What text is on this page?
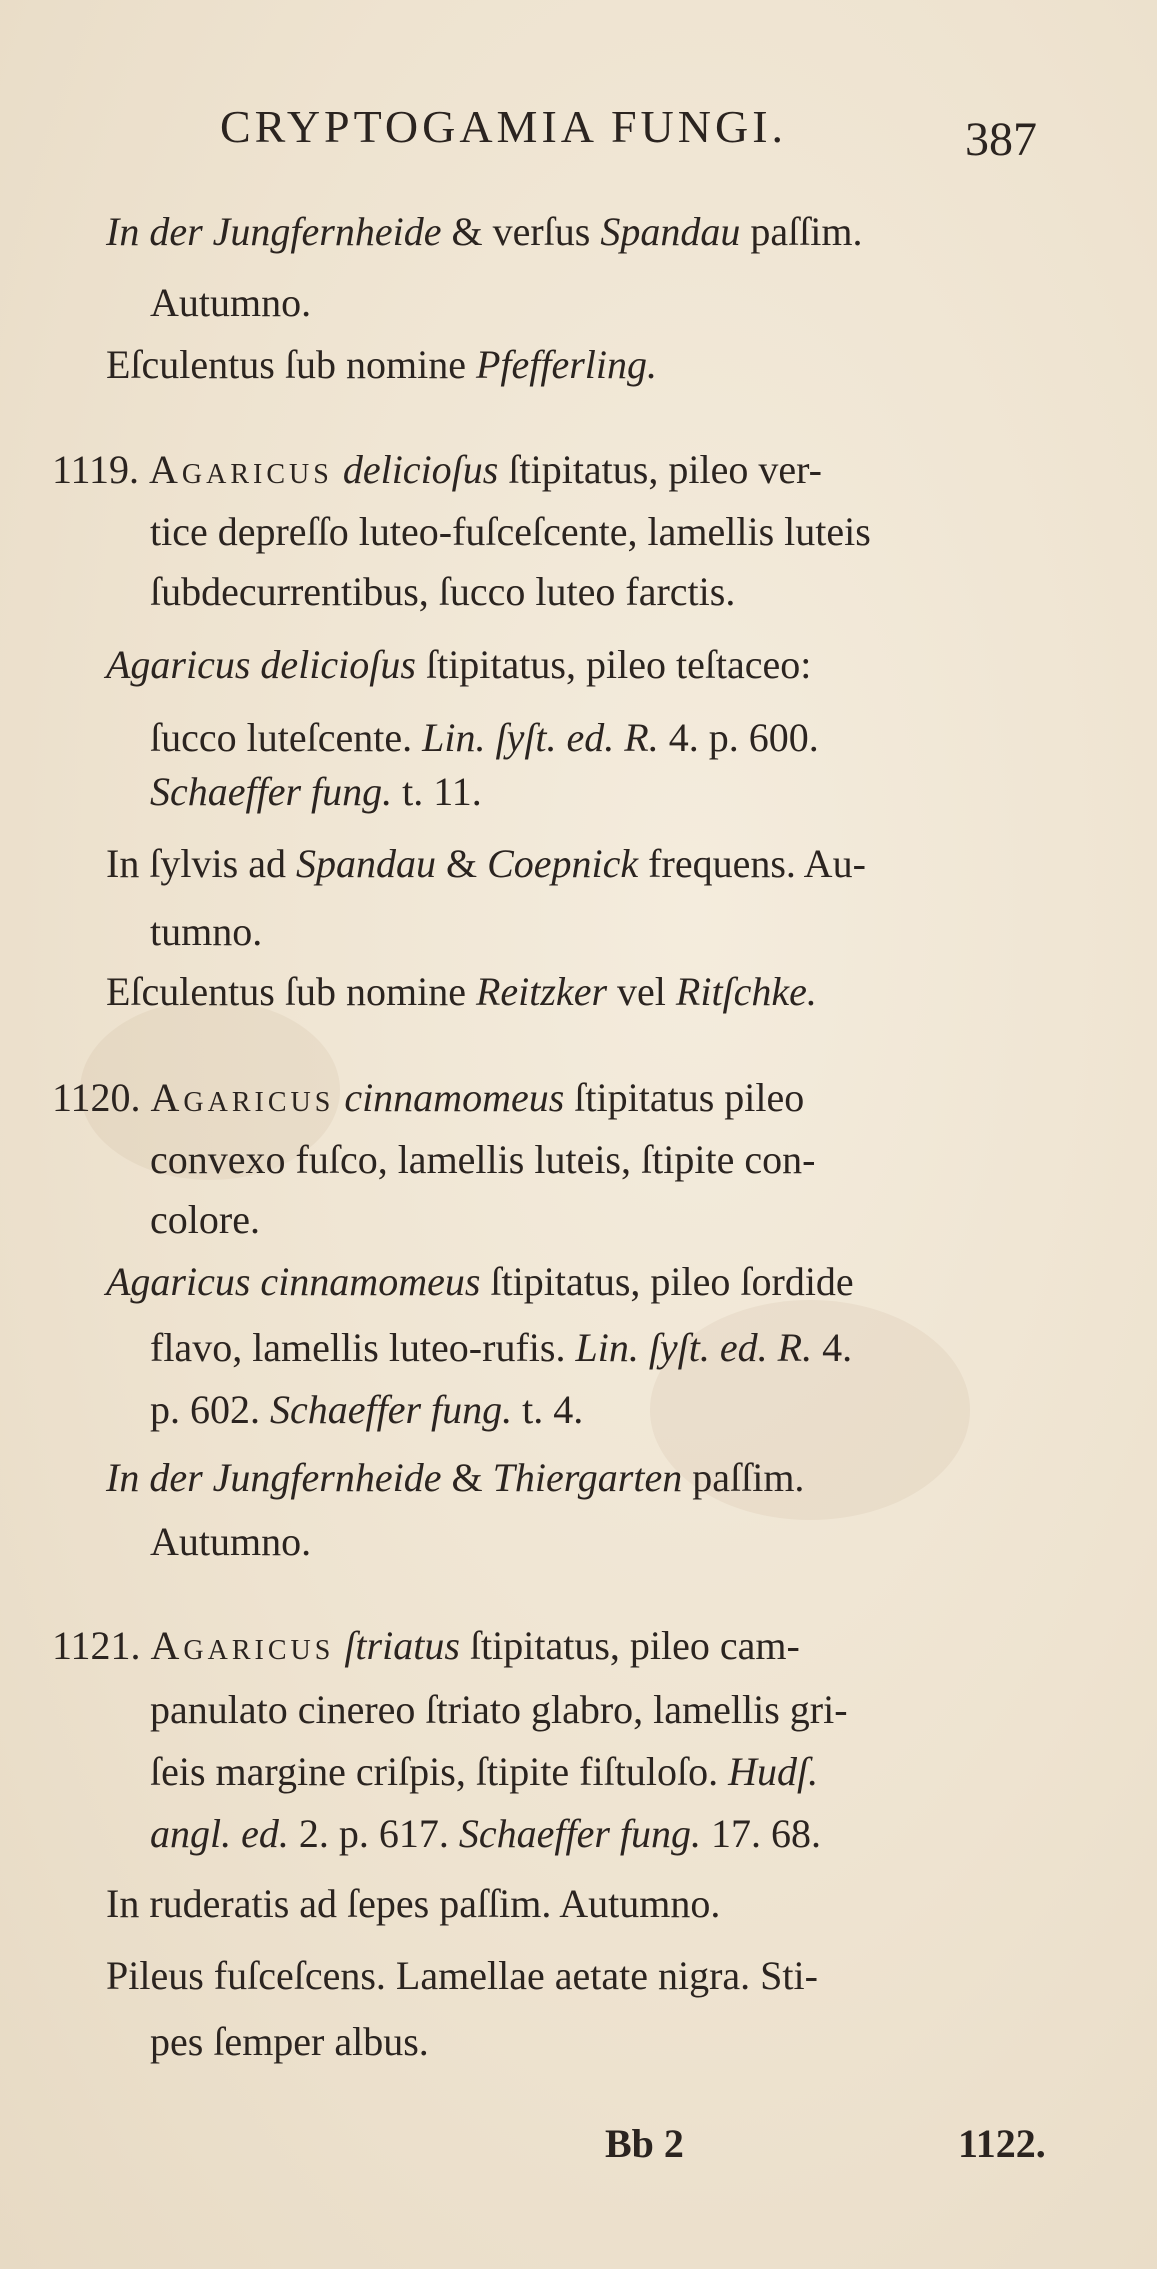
CRYPTOGAMIA FUNGI.	387
In der Jungfernheide & verſus Spandau paſſim.
Autumno.
Eſculentus ſub nomine Pfefferling.
1119. Agaricus delicioſus ſtipitatus, pileo ver-
tice depreſſo luteo-fuſceſcente, lamellis luteis
ſubdecurrentibus, ſucco luteo farctis.
Agaricus delicioſus ſtipitatus, pileo teſtaceo:
ſucco luteſcente. Lin. ſyſt. ed. R. 4. p. 600.
Schaeffer fung. t. 11.
In ſylvis ad Spandau & Coepnick frequens. Au-
tumno.
Eſculentus ſub nomine Reitzker vel Ritſchke.
1120. Agaricus cinnamomeus ſtipitatus pileo
convexo fuſco, lamellis luteis, ſtipite con-
colore.
Agaricus cinnamomeus ſtipitatus, pileo ſordide
flavo, lamellis luteo-rufis. Lin. ſyſt. ed. R. 4.
p. 602. Schaeffer fung. t. 4.
In der Jungfernheide & Thiergarten paſſim.
Autumno.
1121. Agaricus ſtriatus ſtipitatus, pileo cam-
panulato cinereo ſtriato glabro, lamellis gri-
ſeis margine criſpis, ſtipite fiſtuloſo. Hudſ.
angl. ed. 2. p. 617. Schaeffer fung. 17. 68.
In ruderatis ad ſepes paſſim. Autumno.
Pileus fuſceſcens. Lamellae aetate nigra. Sti-
pes ſemper albus.
Bb 2	1122.
